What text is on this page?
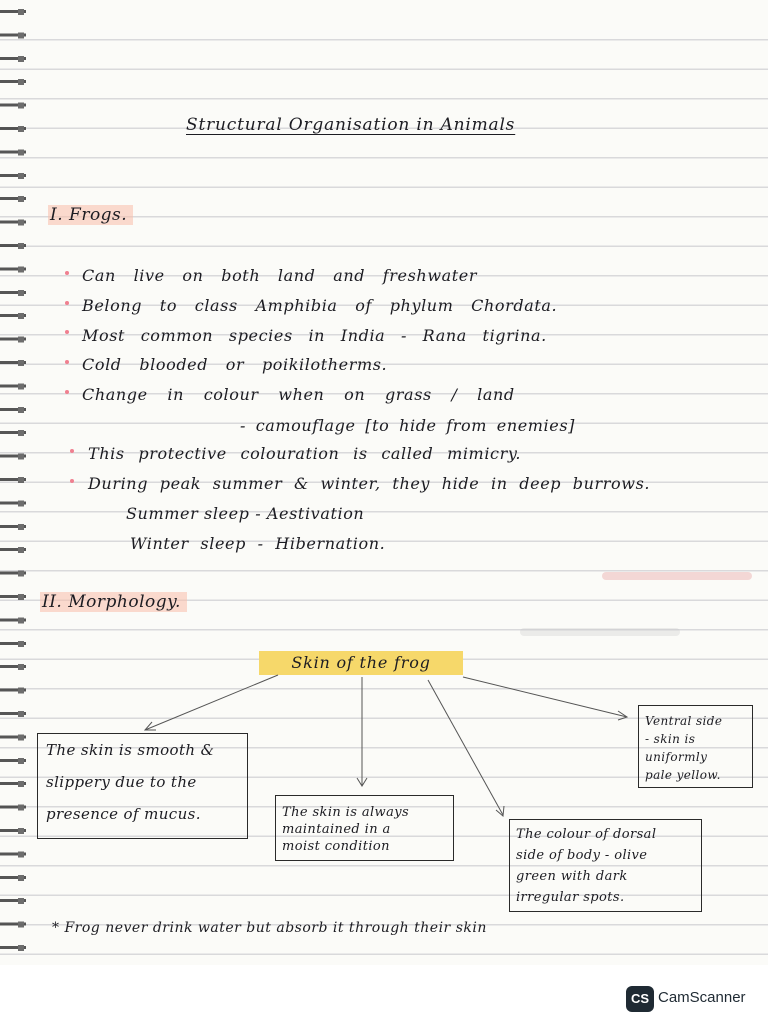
Structural Organisation in Animals
I. Frogs.
Can live on both land and freshwater
Belong to class Amphibia of phylum Chordata.
Most common species in India - Rana tigrina.
Cold blooded or poikilotherms.
Change in colour when on grass / land
- camouflage [to hide from enemies]
This protective colouration is called mimicry.
During peak summer & winter, they hide in deep burrows.
Summer sleep - Aestivation
Winter sleep - Hibernation.
II. Morphology.
Skin of the frog
The skin is smooth &
slippery due to the
presence of mucus.	The skin is always
maintained in a
moist condition
The colour of dorsal
side of body - olive
green with dark
irregular spots.
Ventral side
- skin is
uniformly
pale yellow.
* Frog never drink water but absorb it through their skin
CS CamScanner
